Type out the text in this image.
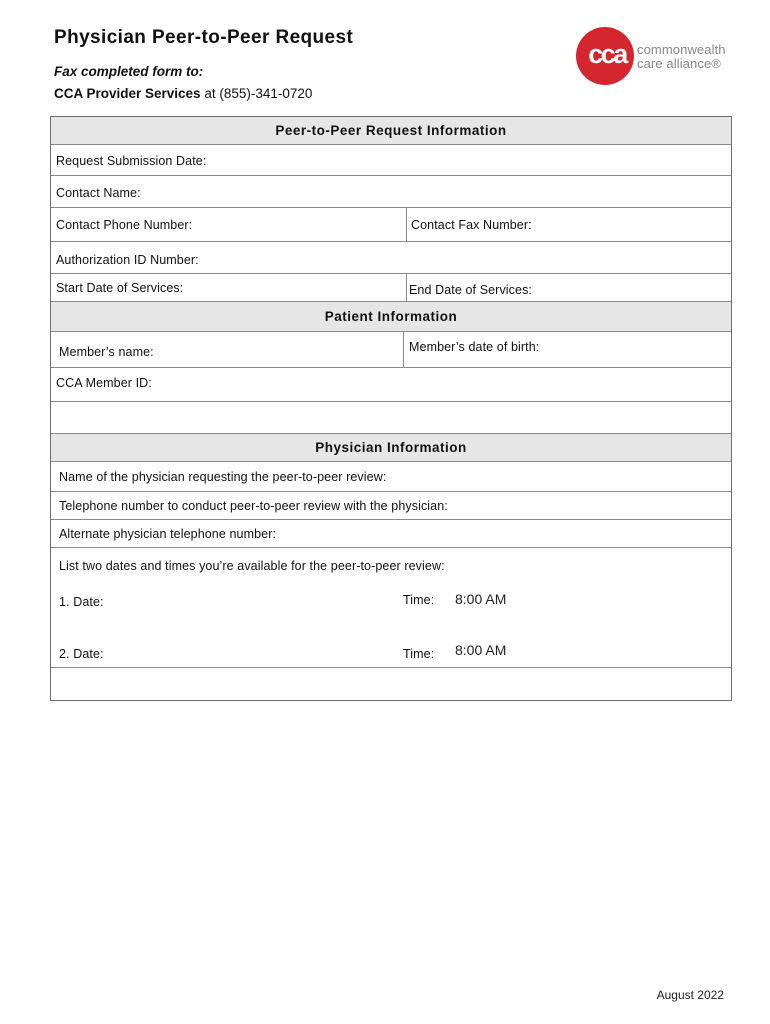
Physician Peer-to-Peer Request
Fax completed form to:
CCA Provider Services at (855)-341-0720
cca commonwealth
care alliance®
Peer-to-Peer Request Information
Request Submission Date:
Contact Name:
Contact Phone Number:	Contact Fax Number:
Authorization ID Number:
Start Date of Services:	End Date of Services:
Patient Information
Member’s name:	Member’s date of birth:
CCA Member ID:
Physician Information
Name of the physician requesting the peer-to-peer review:
Telephone number to conduct peer-to-peer review with the physician:
Alternate physician telephone number:
List two dates and times you’re available for the peer-to-peer review:
1. Date:	Time: 8:00 AM
2. Date:	Time: 8:00 AM
August 2022
